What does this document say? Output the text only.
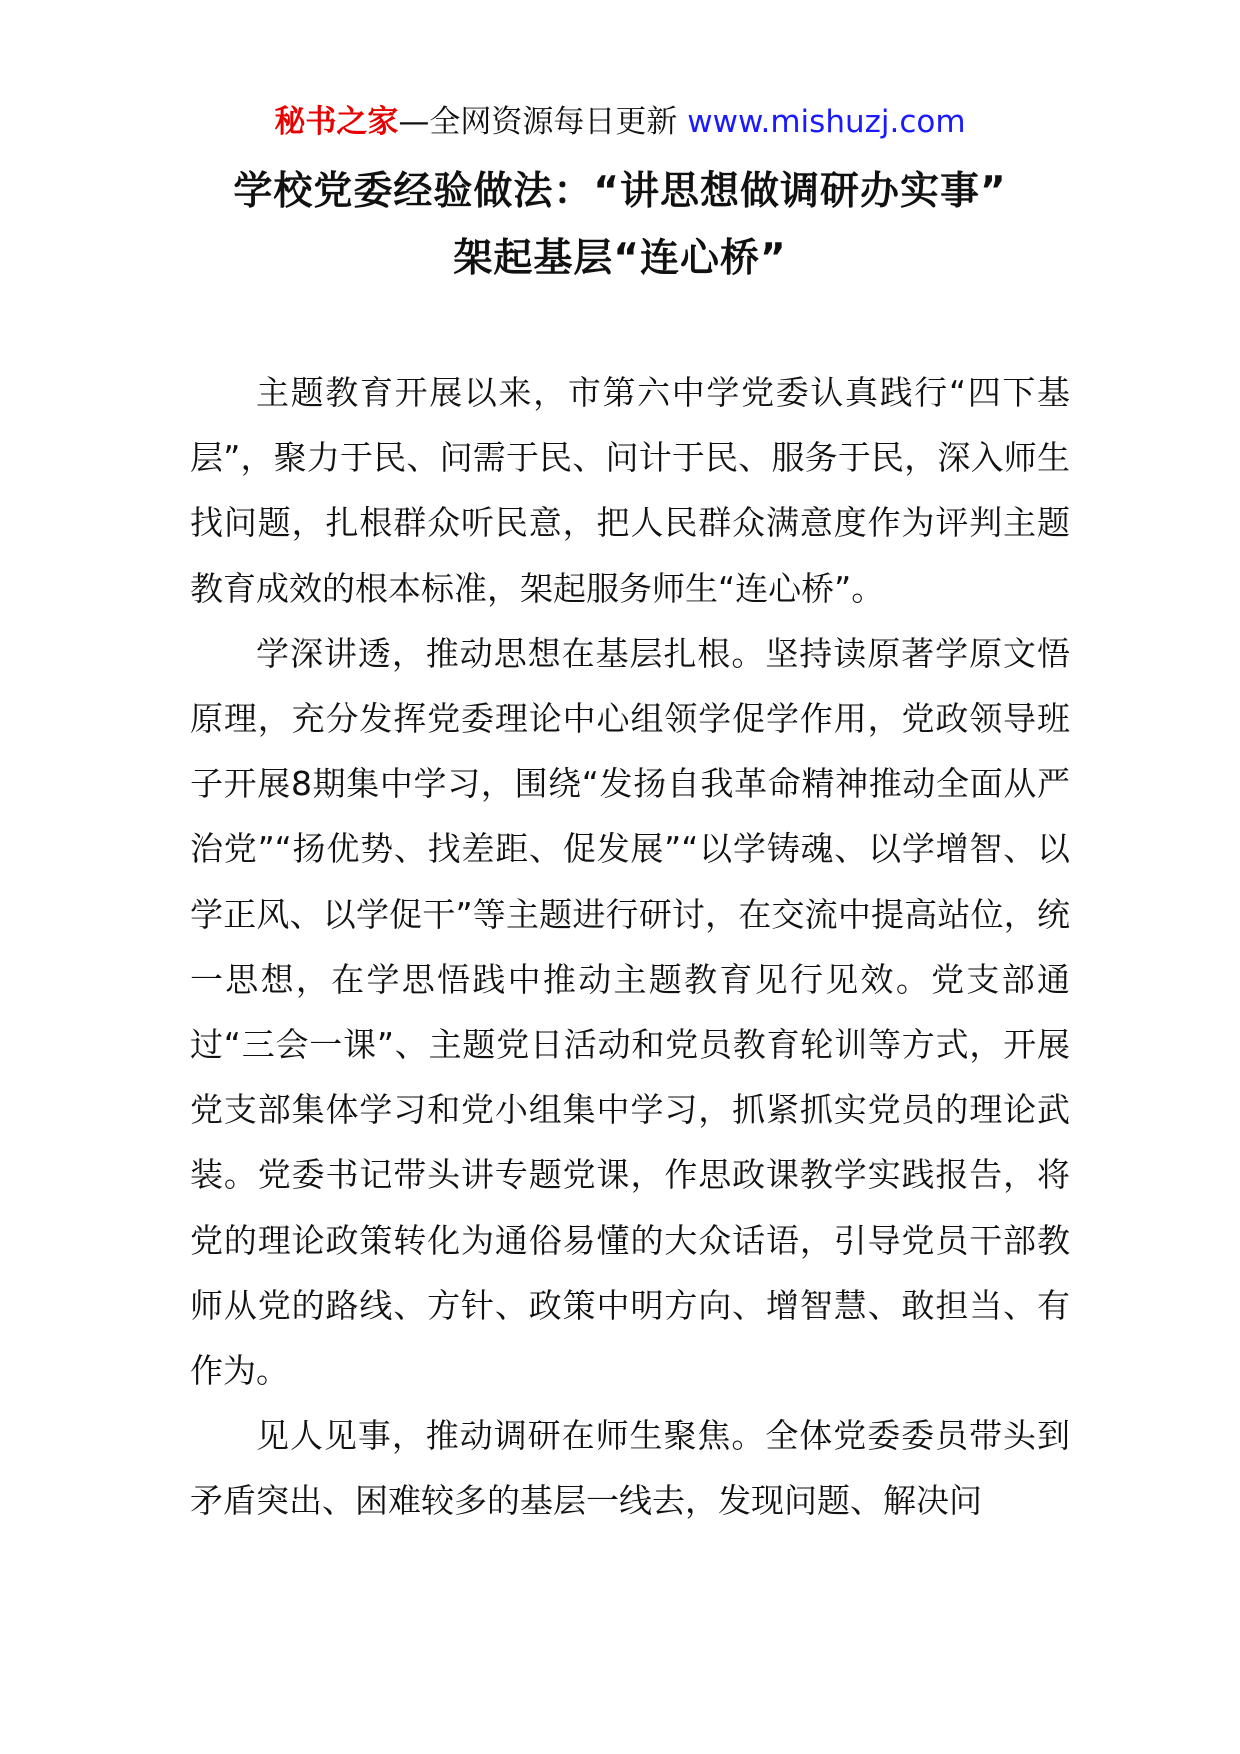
秘书之家—全网资源每日更新 www.mishuzj.com
学校党委经验做法：“讲思想做调研办实事”
架起基层“连心桥”

主题教育开展以来，市第六中学党委认真践行“四下基层”，聚力于民、问需于民、问计于民、服务于民，深入师生找问题，扎根群众听民意，把人民群众满意度作为评判主题教育成效的根本标准，架起服务师生“连心桥”。

学深讲透，推动思想在基层扎根。坚持读原著学原文悟原理，充分发挥党委理论中心组领学促学作用，党政领导班子开展8期集中学习，围绕“发扬自我革命精神推动全面从严治党”“扬优势、找差距、促发展”“以学铸魂、以学增智、以学正风、以学促干”等主题进行研讨，在交流中提高站位，统一思想，在学思悟践中推动主题教育见行见效。党支部通过“三会一课”、主题党日活动和党员教育轮训等方式，开展党支部集体学习和党小组集中学习，抓紧抓实党员的理论武装。党委书记带头讲专题党课，作思政课教学实践报告，将党的理论政策转化为通俗易懂的大众话语，引导党员干部教师从党的路线、方针、政策中明方向、增智慧、敢担当、有作为。

见人见事，推动调研在师生聚焦。全体党委委员带头到矛盾突出、困难较多的基层一线去，发现问题、解决问
